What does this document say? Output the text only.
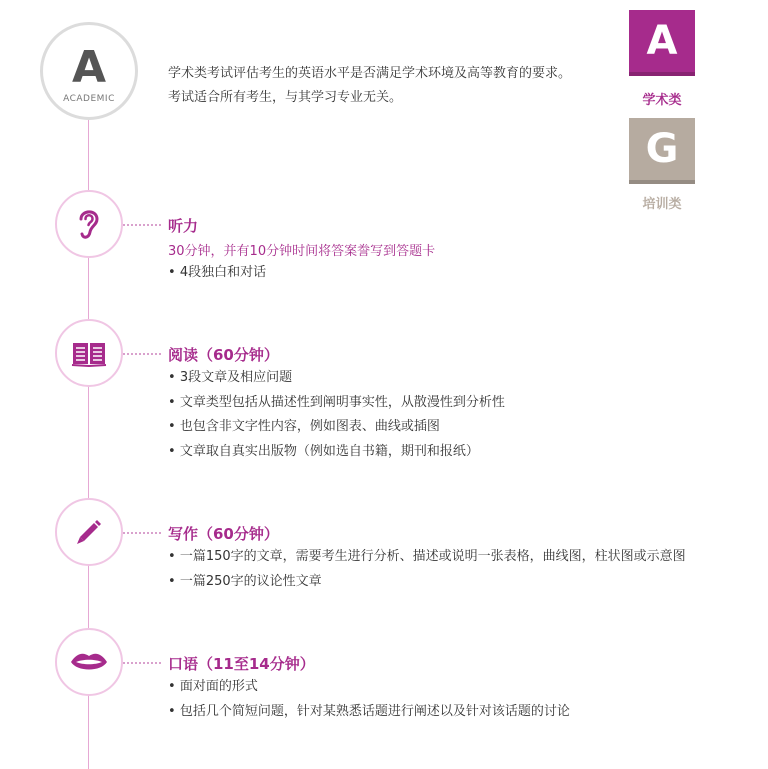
A
ACADEMIC
学术类考试评估考生的英语水平是否满足学术环境及高等教育的要求。
考试适合所有考生，与其学习专业无关。
A
学术类
G
培训类
听力
30分钟，并有10分钟时间将答案誊写到答题卡
• 4段独白和对话
阅读（60分钟）
• 3段文章及相应问题
• 文章类型包括从描述性到阐明事实性，从散漫性到分析性
• 也包含非文字性内容，例如图表、曲线或插图
• 文章取自真实出版物（例如选自书籍，期刊和报纸）
写作（60分钟）
• 一篇150字的文章，需要考生进行分析、描述或说明一张表格，曲线图，柱状图或示意图
• 一篇250字的议论性文章
口语（11至14分钟）
• 面对面的形式
• 包括几个简短问题，针对某熟悉话题进行阐述以及针对该话题的讨论
